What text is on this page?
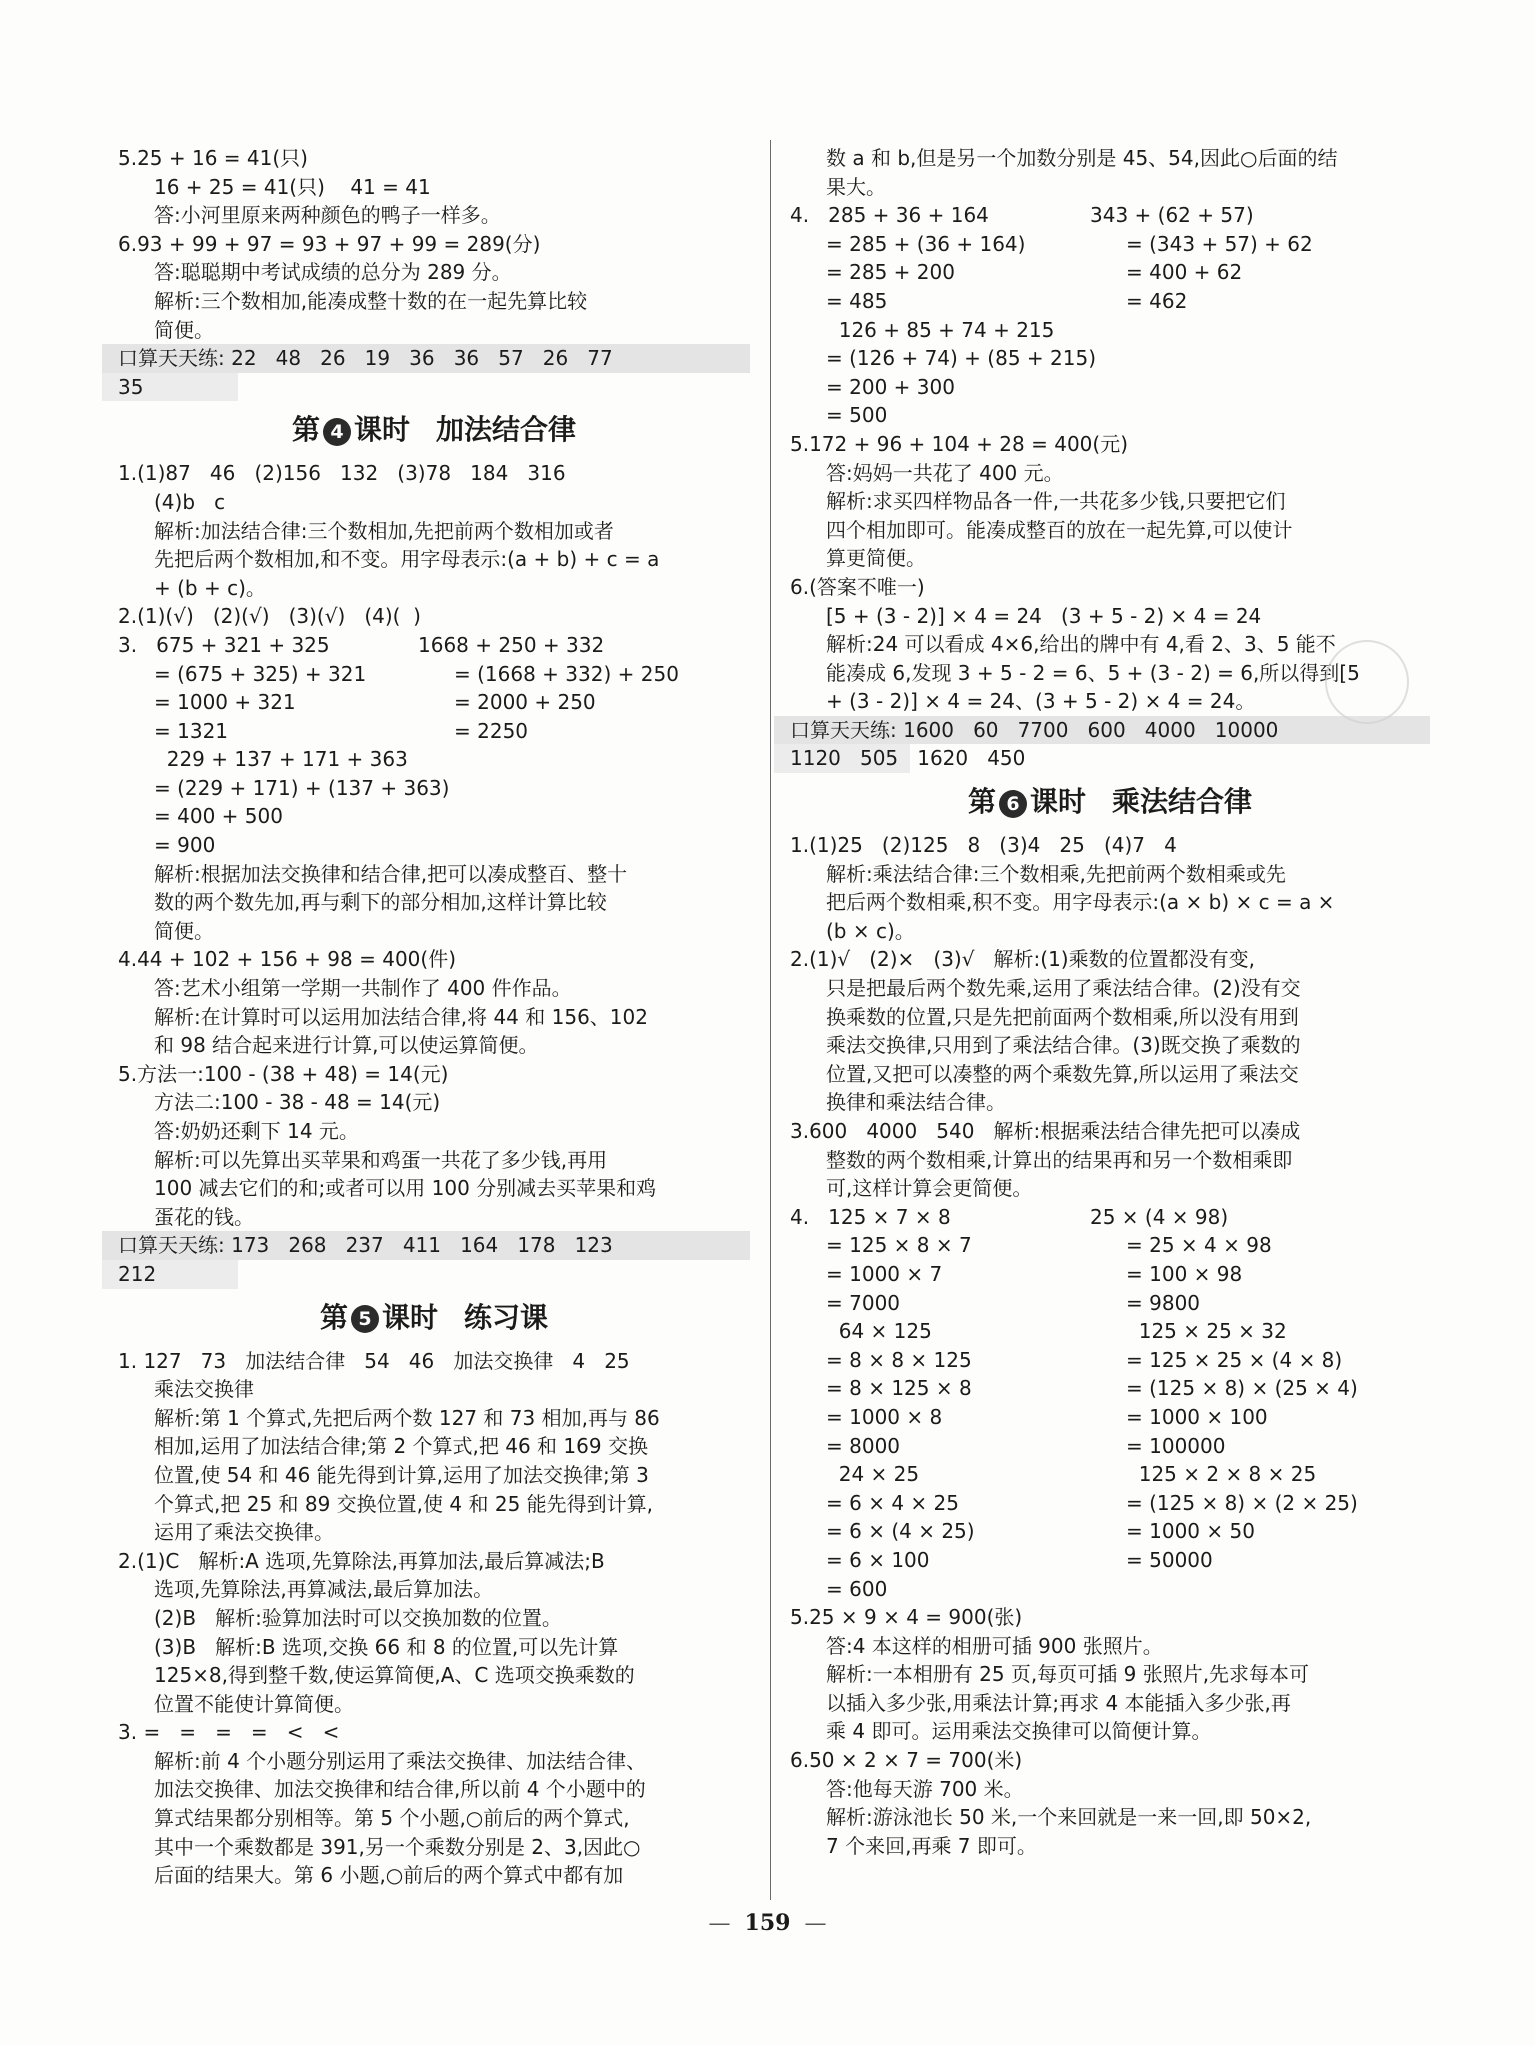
5.25 + 16 = 41(只)
16 + 25 = 41(只)    41 = 41
答:小河里原来两种颜色的鸭子一样多。
6.93 + 99 + 97 = 93 + 97 + 99 = 289(分)
答:聪聪期中考试成绩的总分为 289 分。
解析:三个数相加,能凑成整十数的在一起先算比较
简便。
口算天天练: 22   48   26   19   36   36   57   26   77
35
第 4 课时 加法结合律
1.(1)87   46   (2)156   132   (3)78   184   316
(4)b   c
解析:加法结合律:三个数相加,先把前两个数相加或者
先把后两个数相加,和不变。用字母表示:(a + b) + c = a
+ (b + c)。
2.(1)(√)   (2)(√)   (3)(√)   (4)(  )
3.   675 + 321 + 325	1668 + 250 + 332
= (675 + 325) + 321	= (1668 + 332) + 250
= 1000 + 321	= 2000 + 250
= 1321	= 2250
229 + 137 + 171 + 363
= (229 + 171) + (137 + 363)
= 400 + 500
= 900
解析:根据加法交换律和结合律,把可以凑成整百、整十
数的两个数先加,再与剩下的部分相加,这样计算比较
简便。
4.44 + 102 + 156 + 98 = 400(件)
答:艺术小组第一学期一共制作了 400 件作品。
解析:在计算时可以运用加法结合律,将 44 和 156、102
和 98 结合起来进行计算,可以使运算简便。
5.方法一:100 - (38 + 48) = 14(元)
方法二:100 - 38 - 48 = 14(元)
答:奶奶还剩下 14 元。
解析:可以先算出买苹果和鸡蛋一共花了多少钱,再用
100 减去它们的和;或者可以用 100 分别减去买苹果和鸡
蛋花的钱。
口算天天练: 173   268   237   411   164   178   123
212
第 5 课时 练习课
1. 127   73   加法结合律   54   46   加法交换律   4   25
乘法交换律
解析:第 1 个算式,先把后两个数 127 和 73 相加,再与 86
相加,运用了加法结合律;第 2 个算式,把 46 和 169 交换
位置,使 54 和 46 能先得到计算,运用了加法交换律;第 3
个算式,把 25 和 89 交换位置,使 4 和 25 能先得到计算,
运用了乘法交换律。
2.(1)C   解析:A 选项,先算除法,再算加法,最后算减法;B
选项,先算除法,再算减法,最后算加法。
(2)B   解析:验算加法时可以交换加数的位置。
(3)B   解析:B 选项,交换 66 和 8 的位置,可以先计算
125×8,得到整千数,使运算简便,A、C 选项交换乘数的
位置不能使计算简便。
3. =   =   =   =   <   <
解析:前 4 个小题分别运用了乘法交换律、加法结合律、
加法交换律、加法交换律和结合律,所以前 4 个小题中的
算式结果都分别相等。第 5 个小题,○前后的两个算式,
其中一个乘数都是 391,另一个乘数分别是 2、3,因此○
后面的结果大。第 6 小题,○前后的两个算式中都有加
数 a 和 b,但是另一个加数分别是 45、54,因此○后面的结
果大。
4.   285 + 36 + 164	343 + (62 + 57)
= 285 + (36 + 164)	= (343 + 57) + 62
= 285 + 200	= 400 + 62
= 485	= 462
126 + 85 + 74 + 215
= (126 + 74) + (85 + 215)
= 200 + 300
= 500
5.172 + 96 + 104 + 28 = 400(元)
答:妈妈一共花了 400 元。
解析:求买四样物品各一件,一共花多少钱,只要把它们
四个相加即可。能凑成整百的放在一起先算,可以使计
算更简便。
6.(答案不唯一)
[5 + (3 - 2)] × 4 = 24   (3 + 5 - 2) × 4 = 24
解析:24 可以看成 4×6,给出的牌中有 4,看 2、3、5 能不
能凑成 6,发现 3 + 5 - 2 = 6、5 + (3 - 2) = 6,所以得到[5
+ (3 - 2)] × 4 = 24、(3 + 5 - 2) × 4 = 24。
口算天天练: 1600   60   7700   600   4000   10000
1120   505   1620   450
第 6 课时 乘法结合律
1.(1)25   (2)125   8   (3)4   25   (4)7   4
解析:乘法结合律:三个数相乘,先把前两个数相乘或先
把后两个数相乘,积不变。用字母表示:(a × b) × c = a ×
(b × c)。
2.(1)√   (2)×   (3)√   解析:(1)乘数的位置都没有变,
只是把最后两个数先乘,运用了乘法结合律。(2)没有交
换乘数的位置,只是先把前面两个数相乘,所以没有用到
乘法交换律,只用到了乘法结合律。(3)既交换了乘数的
位置,又把可以凑整的两个乘数先算,所以运用了乘法交
换律和乘法结合律。
3.600   4000   540   解析:根据乘法结合律先把可以凑成
整数的两个数相乘,计算出的结果再和另一个数相乘即
可,这样计算会更简便。
4.   125 × 7 × 8	25 × (4 × 98)
= 125 × 8 × 7	= 25 × 4 × 98
= 1000 × 7	= 100 × 98
= 7000	= 9800
64 × 125	125 × 25 × 32
= 8 × 8 × 125	= 125 × 25 × (4 × 8)
= 8 × 125 × 8	= (125 × 8) × (25 × 4)
= 1000 × 8	= 1000 × 100
= 8000	= 100000
24 × 25	125 × 2 × 8 × 25
= 6 × 4 × 25	= (125 × 8) × (2 × 25)
= 6 × (4 × 25)	= 1000 × 50
= 6 × 100	= 50000
= 600
5.25 × 9 × 4 = 900(张)
答:4 本这样的相册可插 900 张照片。
解析:一本相册有 25 页,每页可插 9 张照片,先求每本可
以插入多少张,用乘法计算;再求 4 本能插入多少张,再
乘 4 即可。运用乘法交换律可以简便计算。
6.50 × 2 × 7 = 700(米)
答:他每天游 700 米。
解析:游泳池长 50 米,一个来回就是一来一回,即 50×2,
7 个来回,再乘 7 即可。
— 159 —
